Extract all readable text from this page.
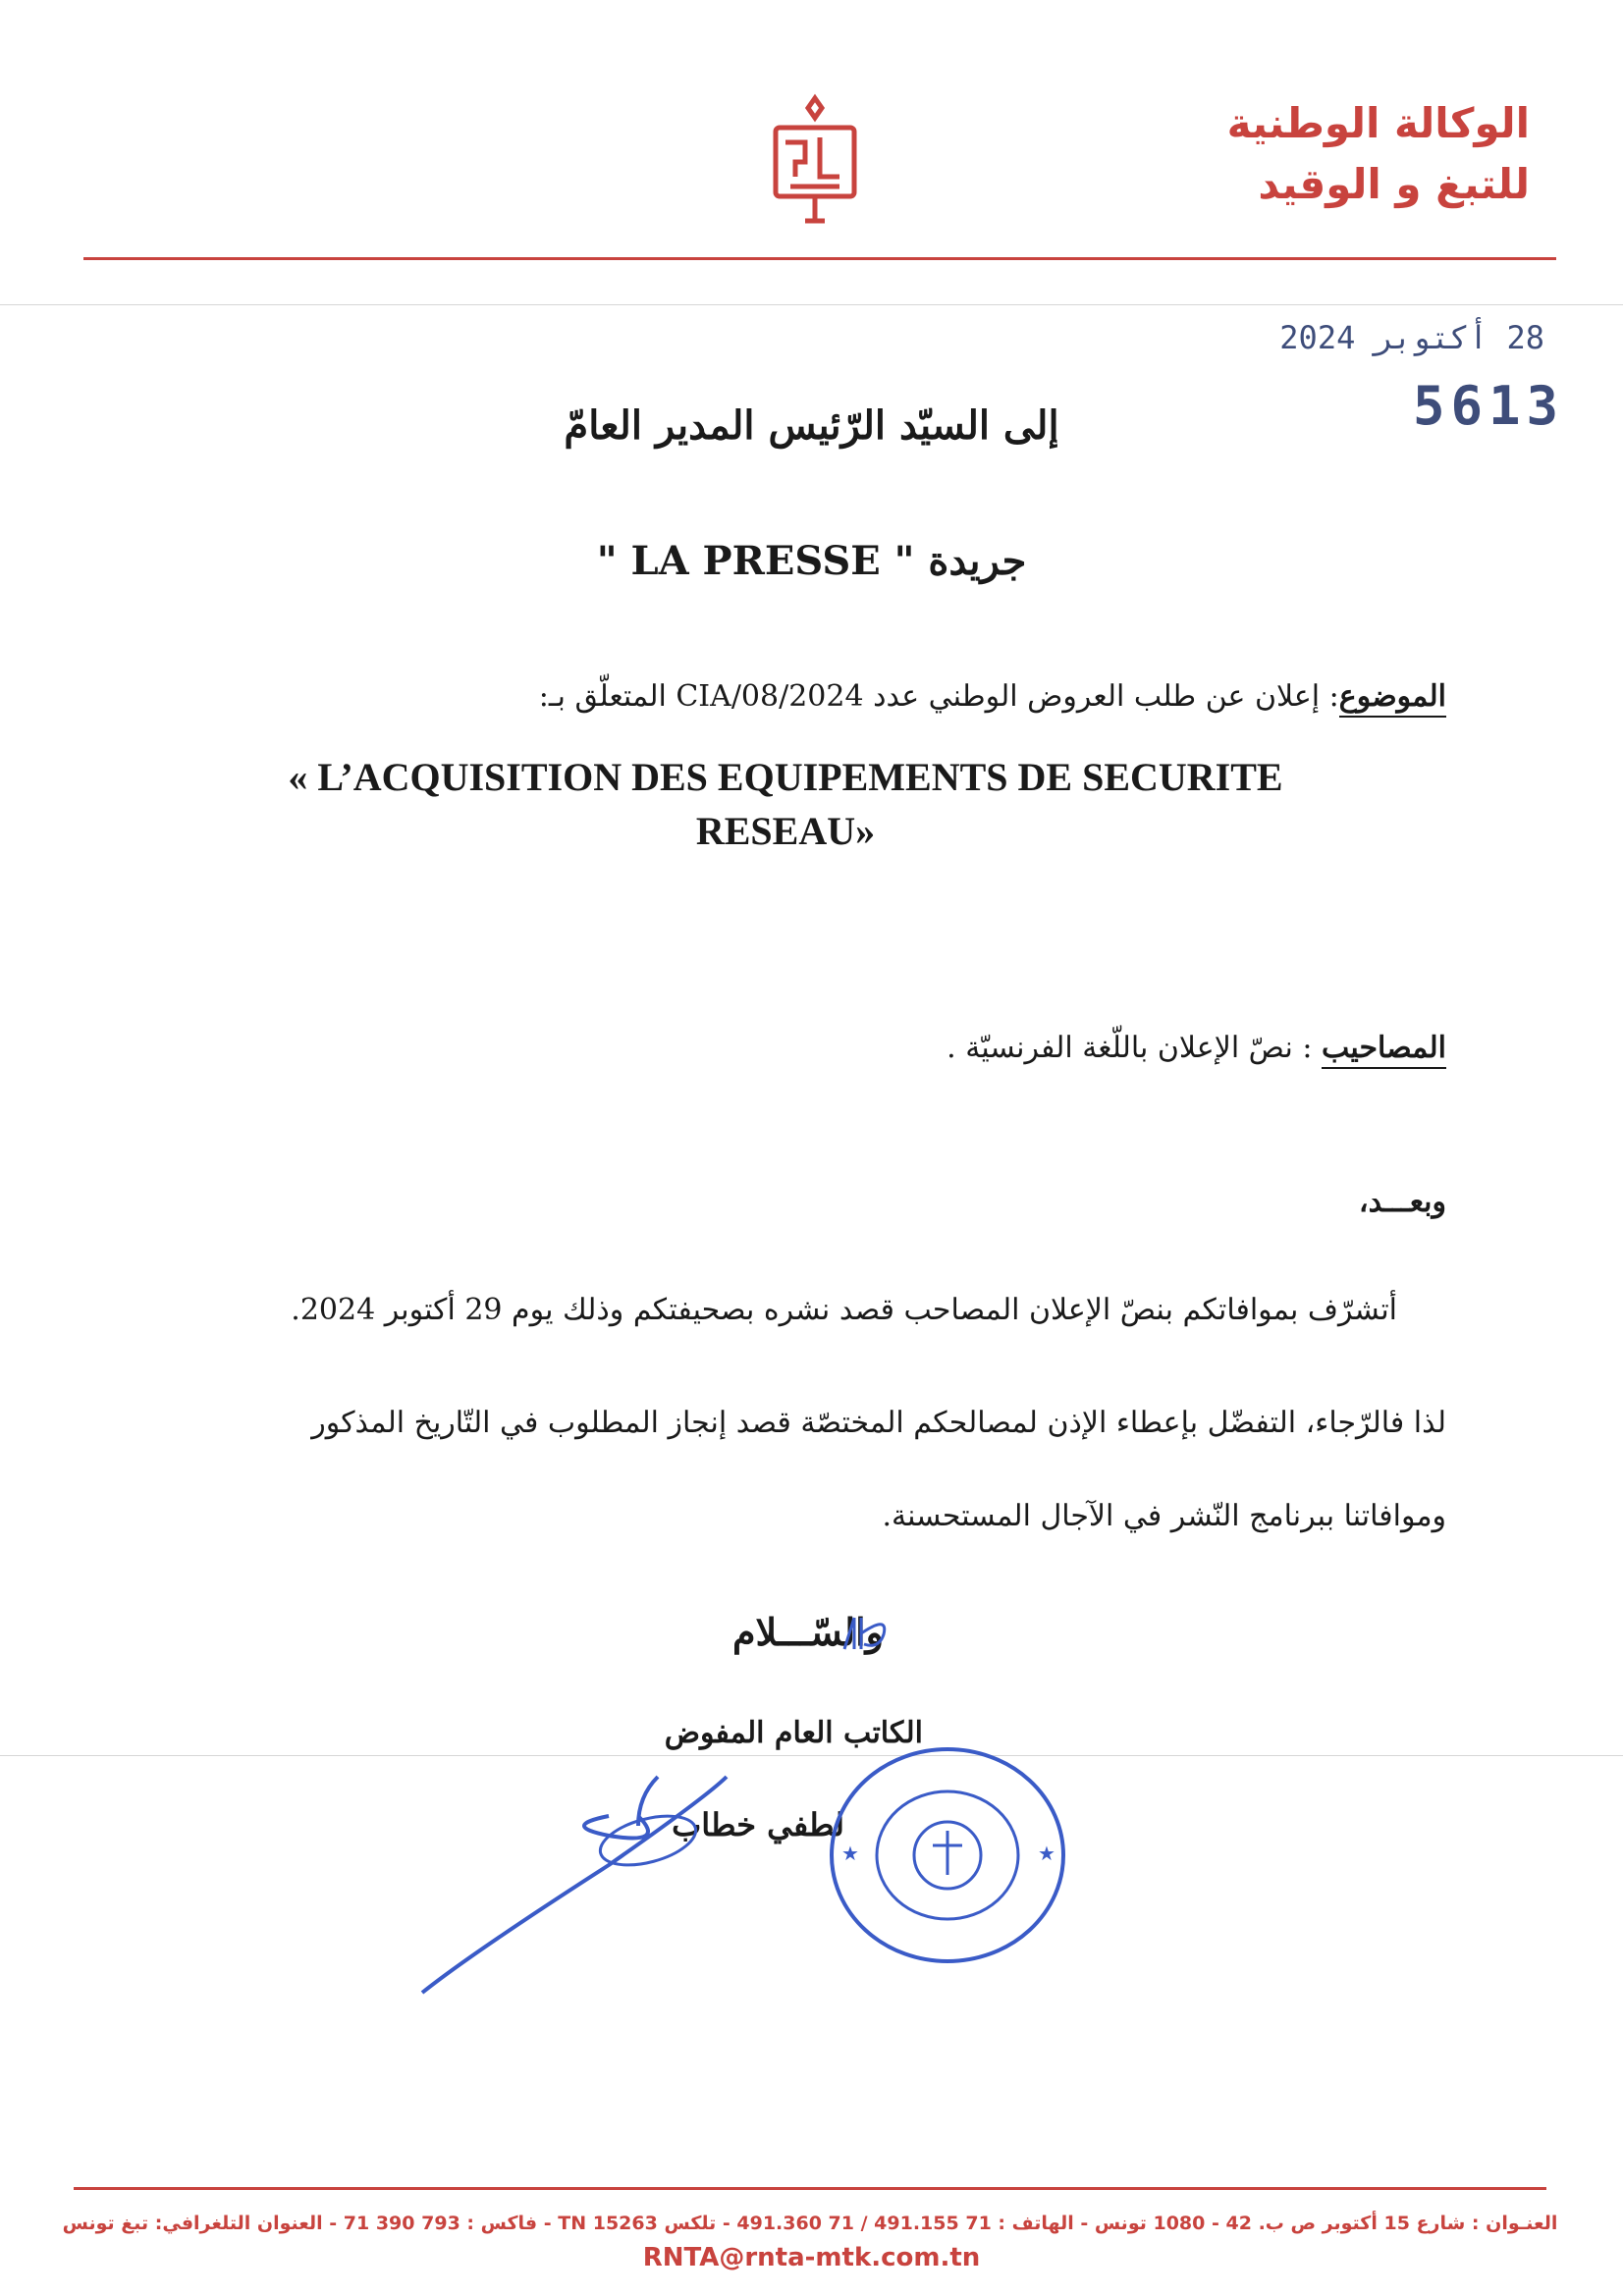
الوكالة الوطنية
للتبغ و الوقيد
28 أكتوبر 2024
5613
إلى السيّد الرّئيس المدير العامّ
جريدة " LA PRESSE "
الموضوع: إعلان عن طلب العروض الوطني عدد 2024/CIA/08 المتعلّق بـ:
« L’ACQUISITION DES EQUIPEMENTS DE SECURITE
RESEAU»
المصاحيب : نصّ الإعلان باللّغة الفرنسيّة .
وبعـــد،
أتشرّف بموافاتكم بنصّ الإعلان المصاحب قصد نشره بصحيفتكم وذلك يوم 29 أكتوبر 2024.
لذا فالرّجاء، التفضّل بإعطاء الإذن لمصالحكم المختصّة قصد إنجاز المطلوب في التّاريخ المذكور
وموافاتنا ببرنامج النّشر في الآجال المستحسنة.
والسّـــلام
الكاتب العام المفوض
لطفي خطاب
★	★
العنـوان : شارع 15 أكتوبر ص ب. 42 - 1080 تونس - الهاتف : 71 491.155 / 71 491.360 - تلكس 15263 TN - فاكس : 793 390 71 - العنوان التلغرافي: تبغ تونس
RNTA@rnta-mtk.com.tn
